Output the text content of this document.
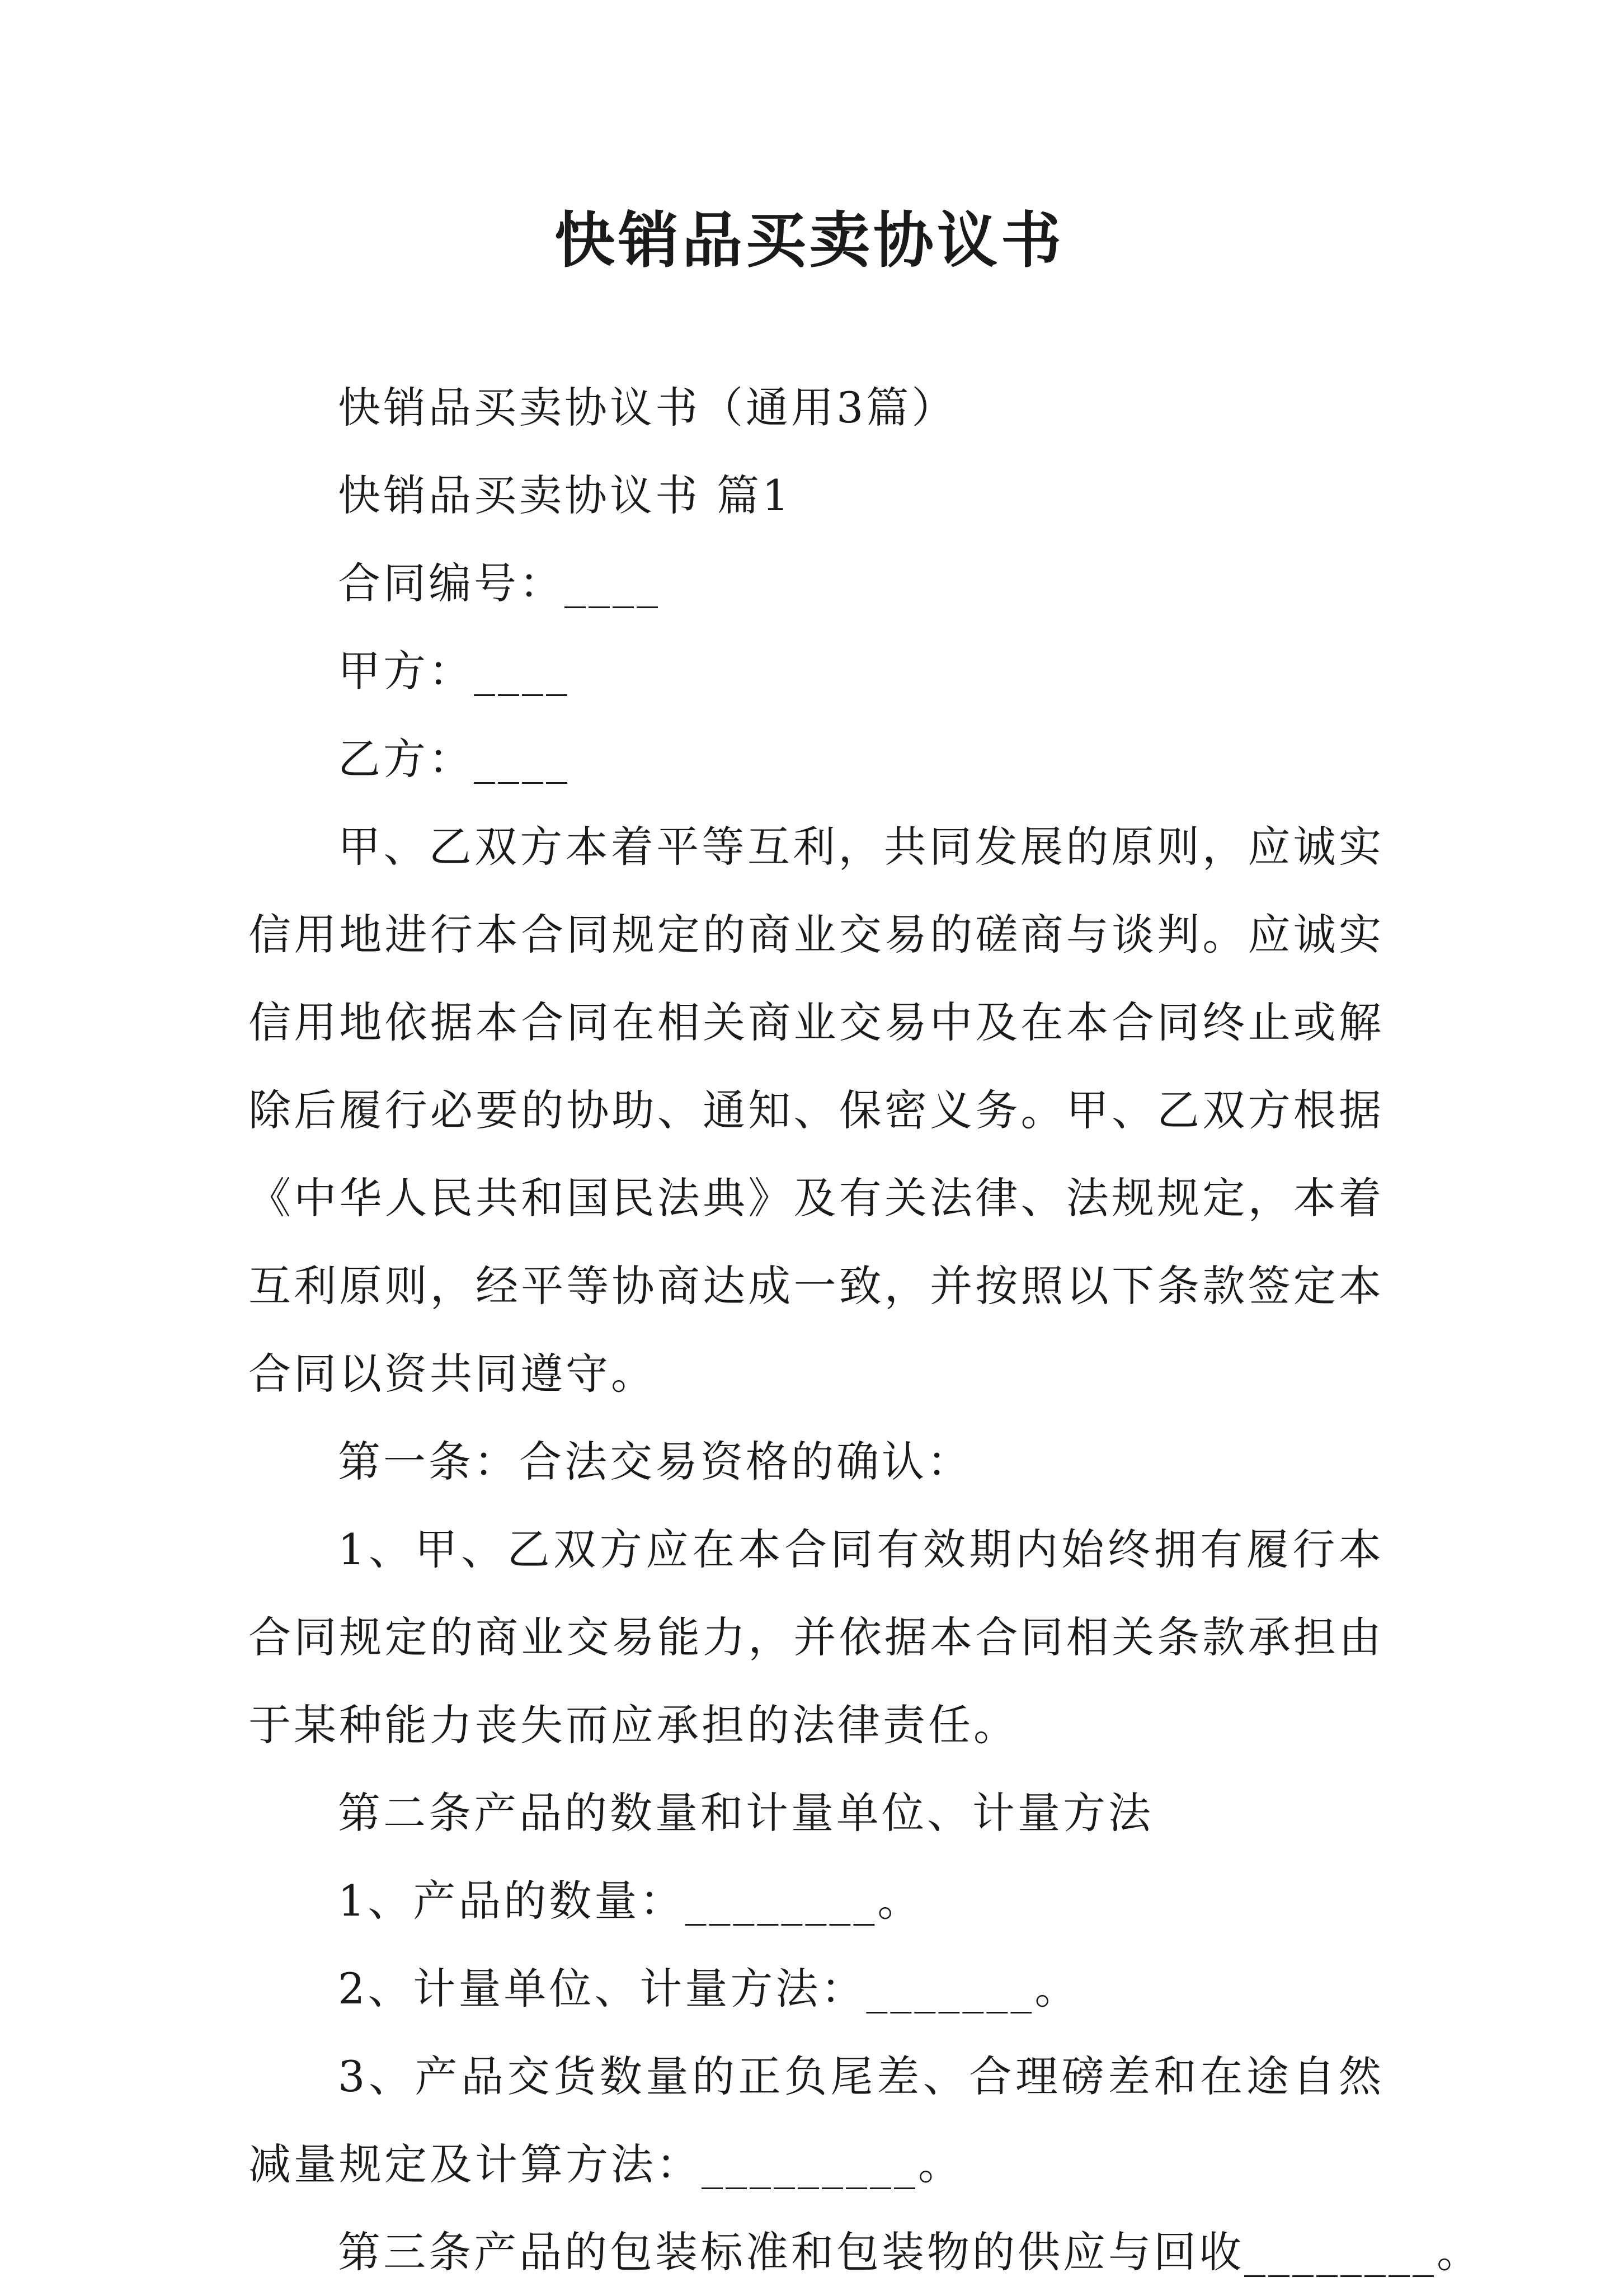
快销品买卖协议书

快销品买卖协议书（通用3篇）

快销品买卖协议书 篇1

合同编号：____

甲方：____

乙方：____

甲、乙双方本着平等互利，共同发展的原则，应诚实信用地进行本合同规定的商业交易的磋商与谈判。应诚实信用地依据本合同在相关商业交易中及在本合同终止或解除后履行必要的协助、通知、保密义务。甲、乙双方根据《中华人民共和国民法典》及有关法律、法规规定，本着互利原则，经平等协商达成一致，并按照以下条款签定本合同以资共同遵守。

第一条：合法交易资格的确认：

1、甲、乙双方应在本合同有效期内始终拥有履行本合同规定的商业交易能力，并依据本合同相关条款承担由于某种能力丧失而应承担的法律责任。

第二条产品的数量和计量单位、计量方法

1、产品的数量：________。

2、计量单位、计量方法：_______。

3、产品交货数量的正负尾差、合理磅差和在途自然减量规定及计算方法：_________。

第三条产品的包装标准和包装物的供应与回收________。
